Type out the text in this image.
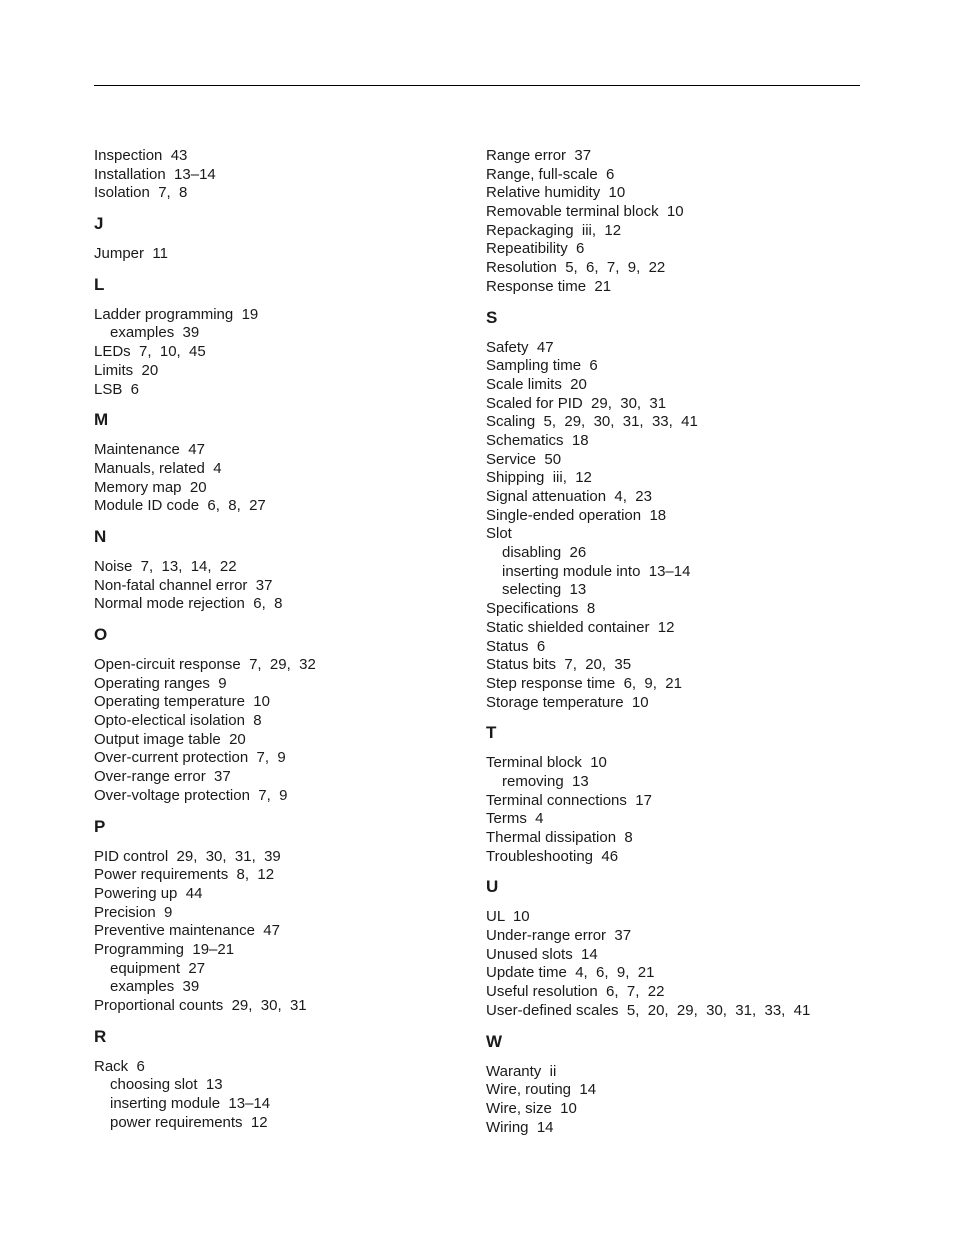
Inspection  43
Installation  13–14
Isolation  7,  8
J
Jumper  11
L
Ladder programming  19
examples  39
LEDs  7,  10,  45
Limits  20
LSB  6
M
Maintenance  47
Manuals, related  4
Memory map  20
Module ID code  6,  8,  27
N
Noise  7,  13,  14,  22
Non-fatal channel error  37
Normal mode rejection  6,  8
O
Open-circuit response  7,  29,  32
Operating ranges  9
Operating temperature  10
Opto-electical isolation  8
Output image table  20
Over-current protection  7,  9
Over-range error  37
Over-voltage protection  7,  9
P
PID control  29,  30,  31,  39
Power requirements  8,  12
Powering up  44
Precision  9
Preventive maintenance  47
Programming  19–21
equipment  27
examples  39
Proportional counts  29,  30,  31
R
Rack  6
choosing slot  13
inserting module  13–14
power requirements  12
Range error  37
Range, full-scale  6
Relative humidity  10
Removable terminal block  10
Repackaging  iii,  12
Repeatibility  6
Resolution  5,  6,  7,  9,  22
Response time  21
S
Safety  47
Sampling time  6
Scale limits  20
Scaled for PID  29,  30,  31
Scaling  5,  29,  30,  31,  33,  41
Schematics  18
Service  50
Shipping  iii,  12
Signal attenuation  4,  23
Single-ended operation  18
Slot
disabling  26
inserting module into  13–14
selecting  13
Specifications  8
Static shielded container  12
Status  6
Status bits  7,  20,  35
Step response time  6,  9,  21
Storage temperature  10
T
Terminal block  10
removing  13
Terminal connections  17
Terms  4
Thermal dissipation  8
Troubleshooting  46
U
UL  10
Under-range error  37
Unused slots  14
Update time  4,  6,  9,  21
Useful resolution  6,  7,  22
User-defined scales  5,  20,  29,  30,  31,  33,  41
W
Waranty  ii
Wire, routing  14
Wire, size  10
Wiring  14
